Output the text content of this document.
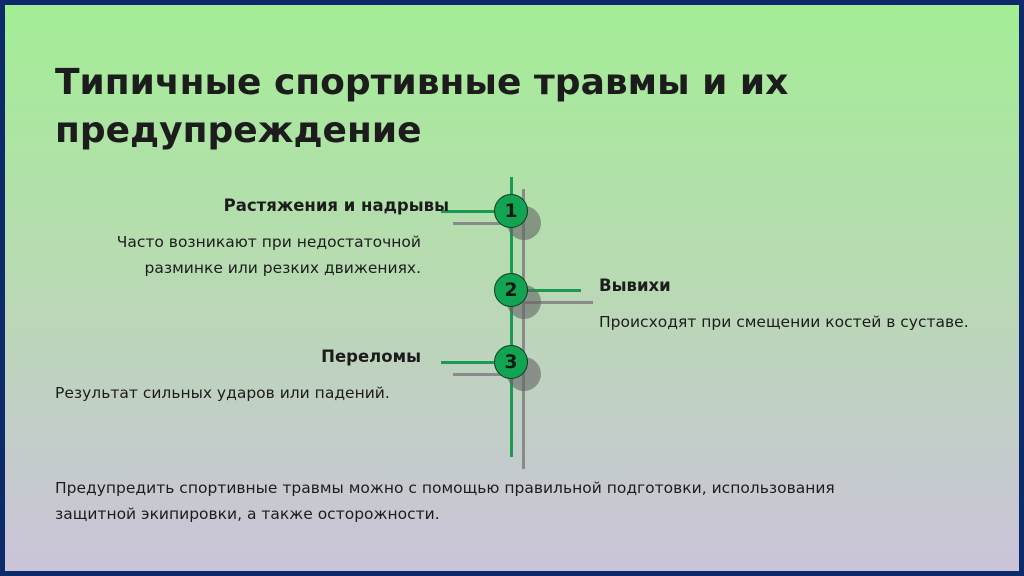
Типичные спортивные травмы и их предупреждение
1
2
3
Растяжения и надрывы
Часто возникают при недостаточной
разминке или резких движениях.
Вывихи
Происходят при смещении костей в суставе.
Переломы
Результат сильных ударов или падений.
Предупредить спортивные травмы можно с помощью правильной подготовки, использования
защитной экипировки, а также осторожности.
